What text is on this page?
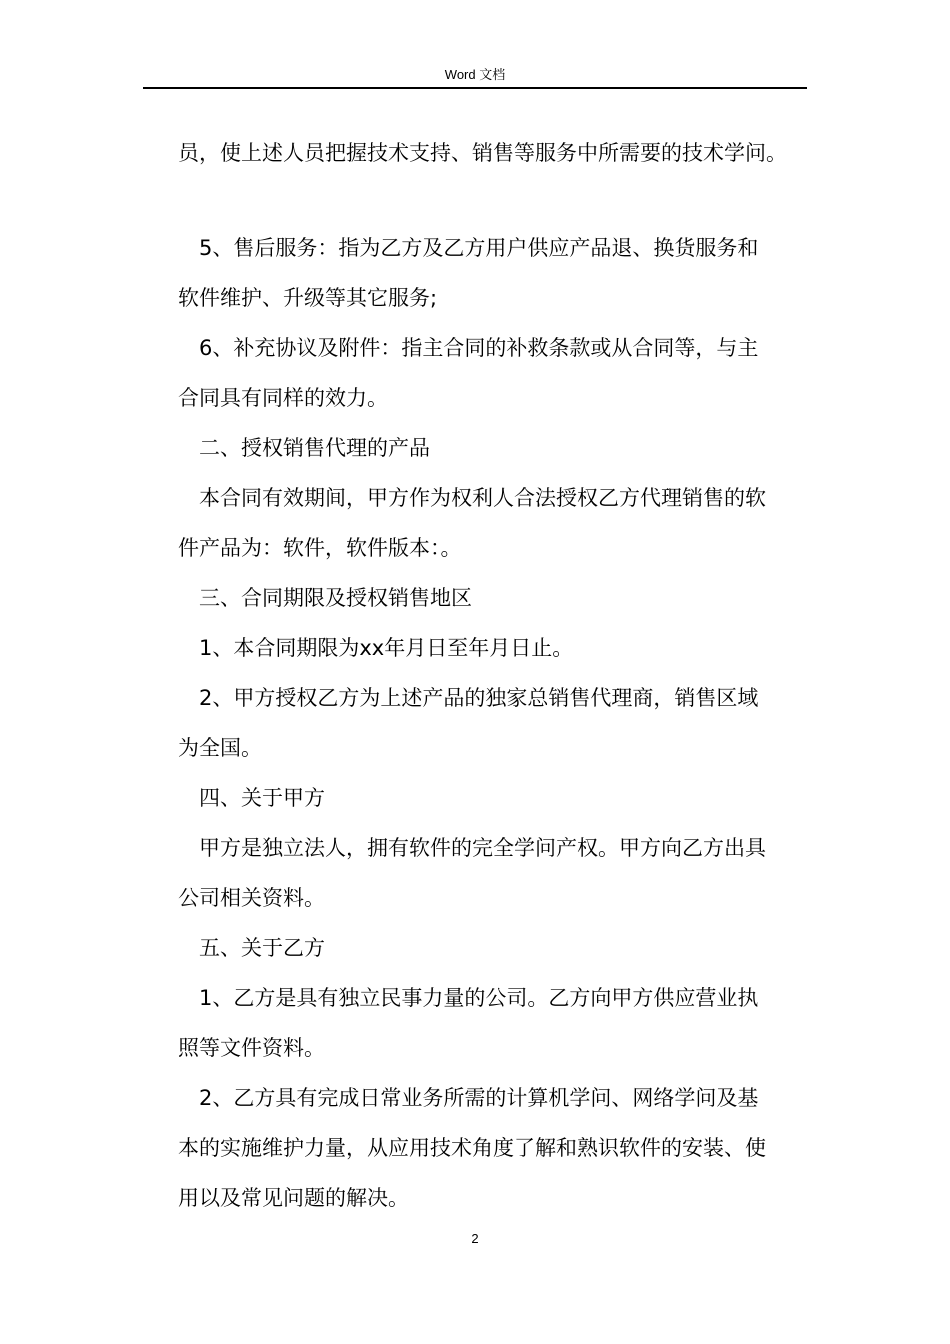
Word 文档
员，使上述人员把握技术支持、销售等服务中所需要的技术学问。
5、售后服务：指为乙方及乙方用户供应产品退、换货服务和
软件维护、升级等其它服务;
6、补充协议及附件：指主合同的补救条款或从合同等，与主
合同具有同样的效力。
二、授权销售代理的产品
本合同有效期间，甲方作为权利人合法授权乙方代理销售的软
件产品为：软件，软件版本：。
三、合同期限及授权销售地区
1、本合同期限为xx年月日至年月日止。
2、甲方授权乙方为上述产品的独家总销售代理商，销售区域
为全国。
四、关于甲方
甲方是独立法人，拥有软件的完全学问产权。甲方向乙方出具
公司相关资料。
五、关于乙方
1、乙方是具有独立民事力量的公司。乙方向甲方供应营业执
照等文件资料。
2、乙方具有完成日常业务所需的计算机学问、网络学问及基
本的实施维护力量，从应用技术角度了解和熟识软件的安装、使
用以及常见问题的解决。
2
